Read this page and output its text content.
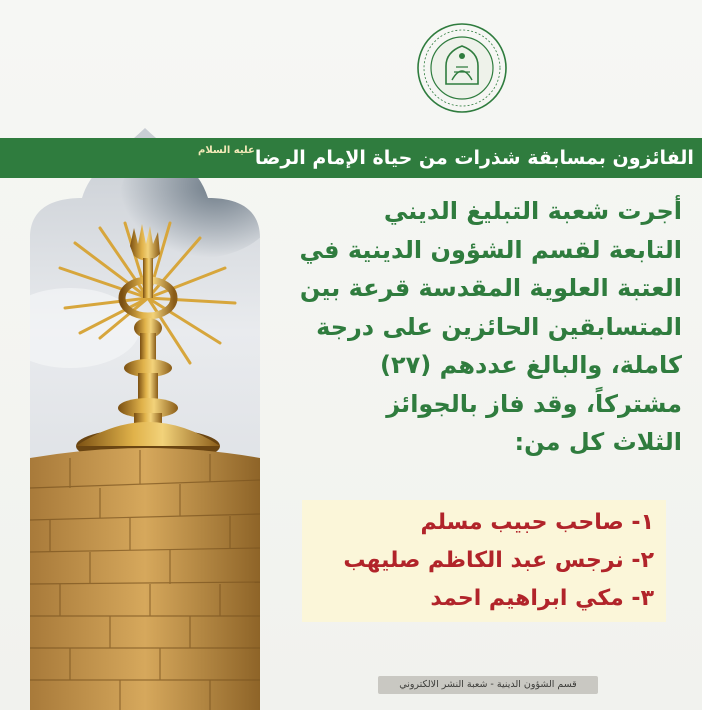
الفائزون بمسابقة شذرات من حياة الإمام الرضا
عليه السلام
أجرت شعبة التبليغ الديني
التابعة لقسم الشؤون الدينية في
العتبة العلوية المقدسة قرعة بين
المتسابقين الحائزين على درجة
كاملة، والبالغ عددهم (٢٧)
مشتركاً، وقد فاز بالجوائز
الثلاث كل من:
١- صاحب حبيب مسلم
٢- نرجس عبد الكاظم صليهب
٣- مكي ابراهيم احمد
قسم الشؤون الدينية - شعبة النشر الالكتروني
